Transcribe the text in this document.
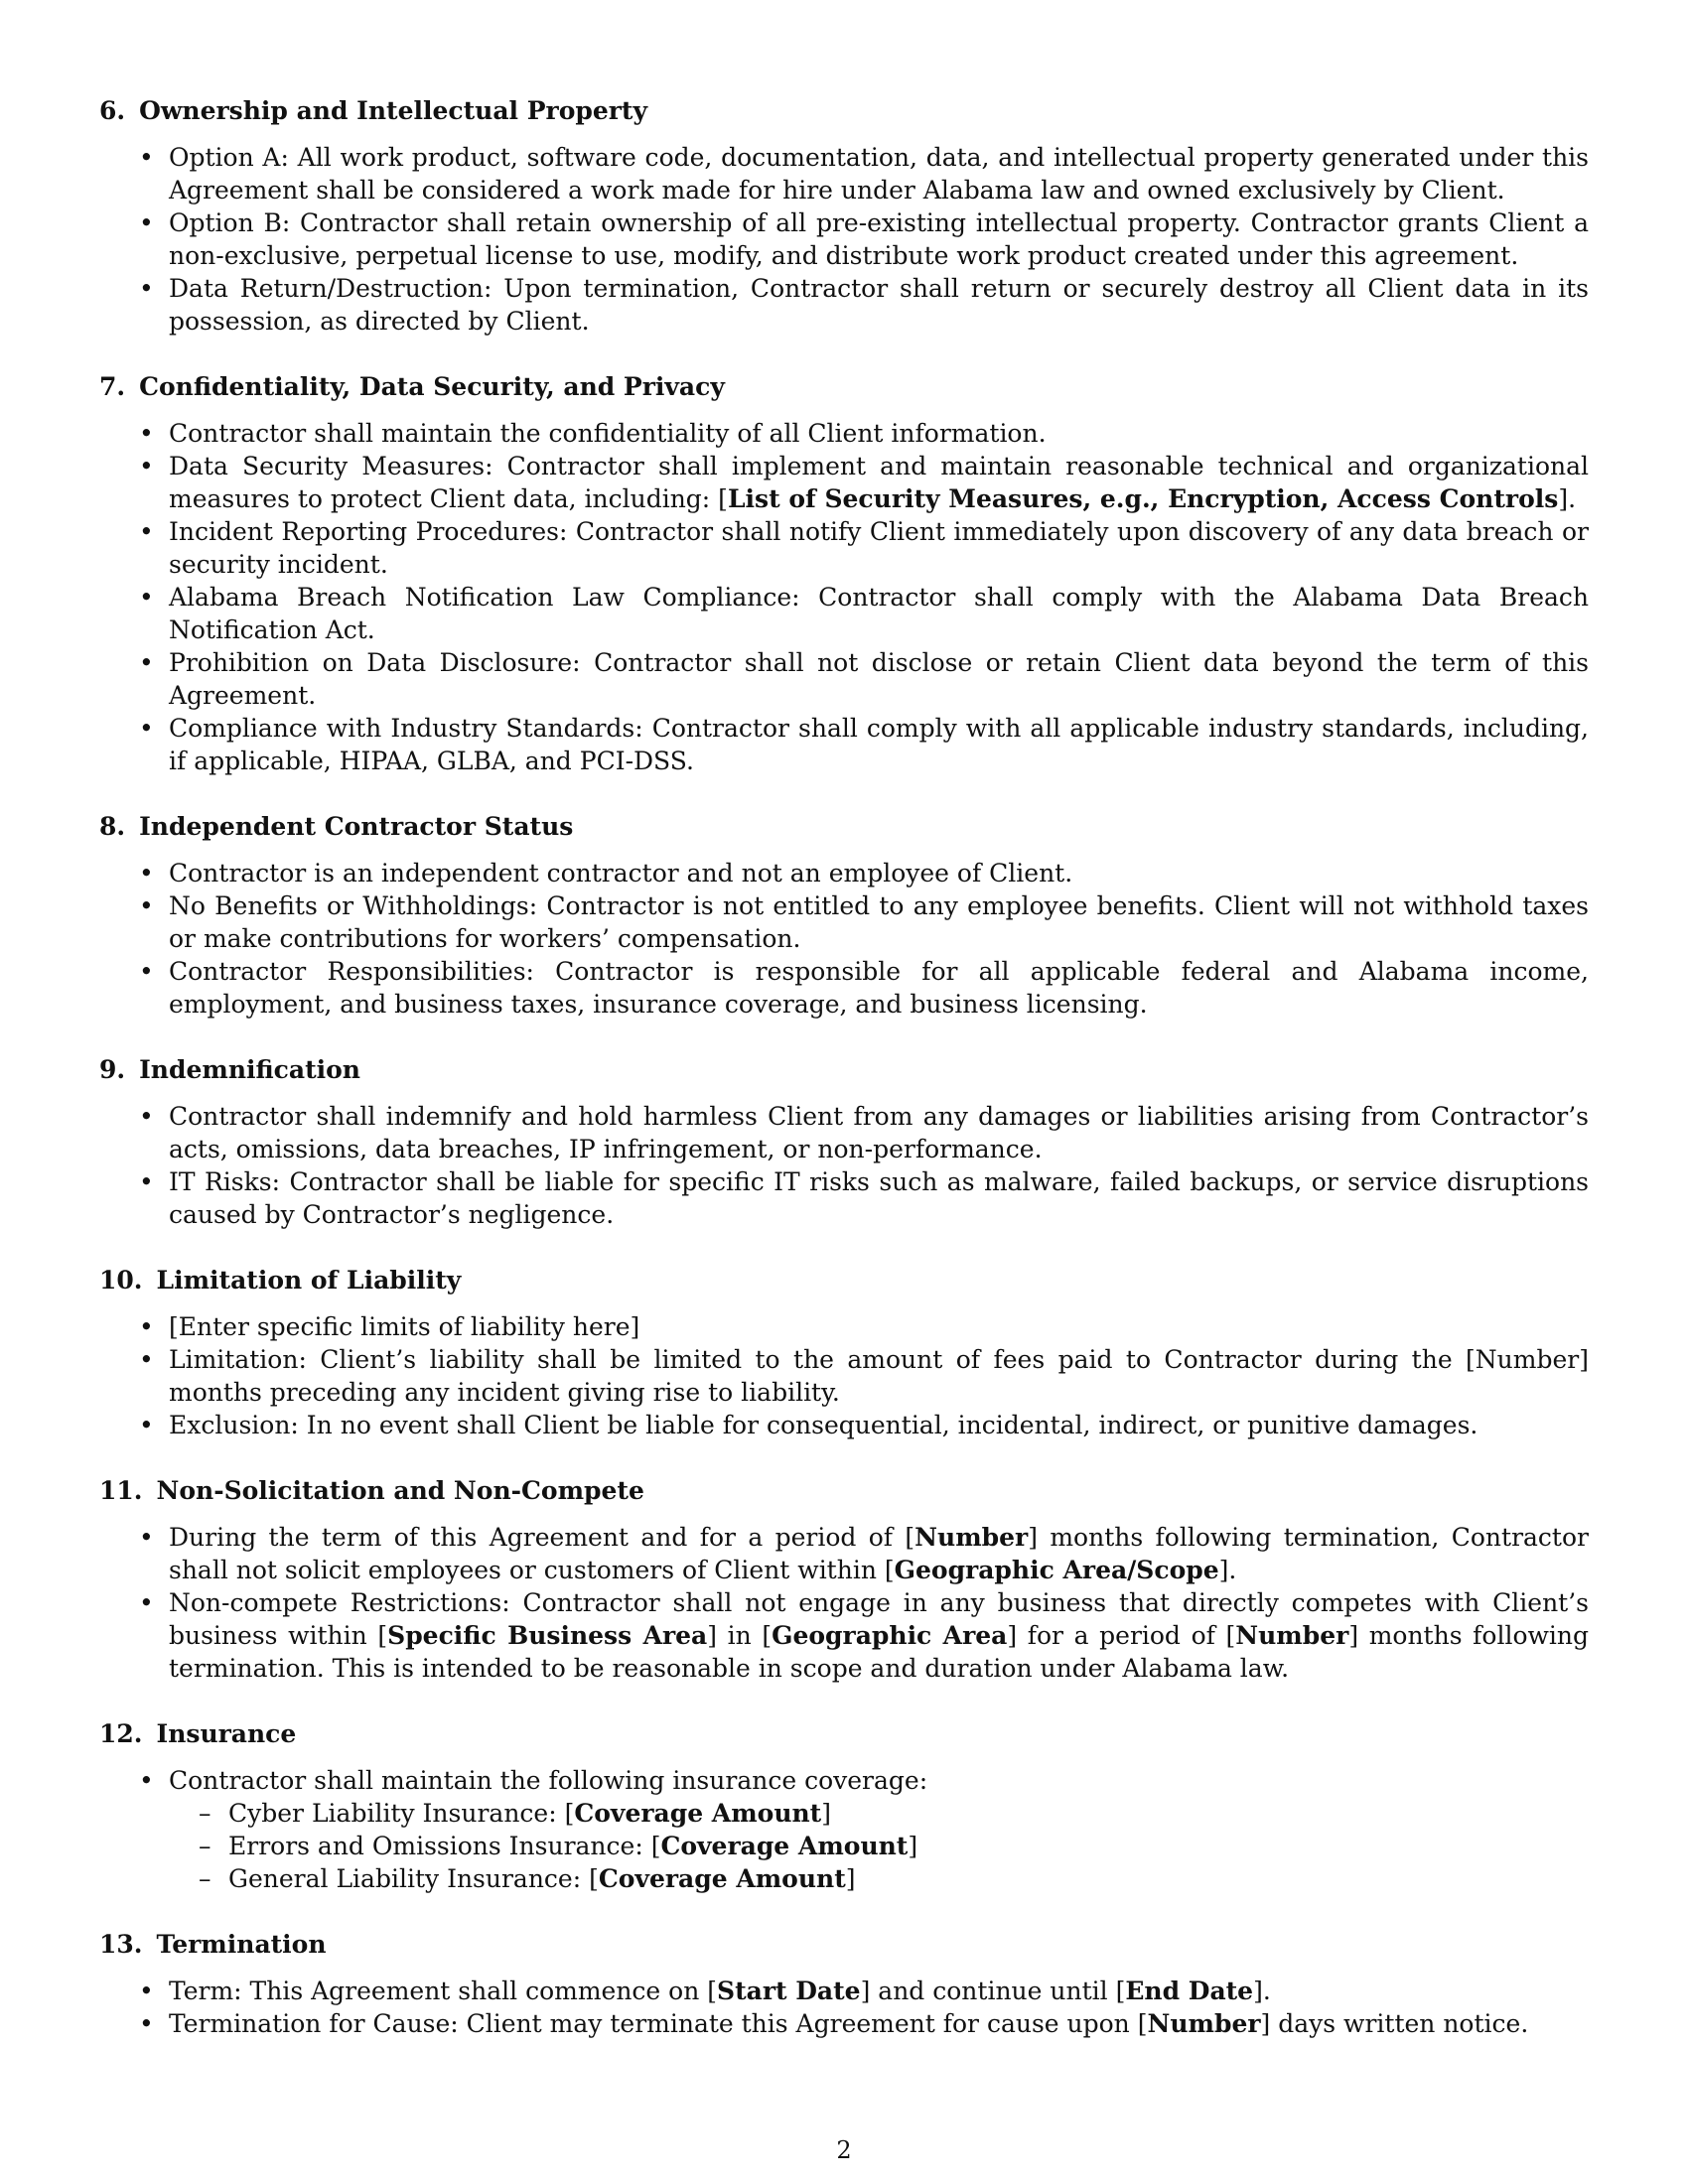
6. Ownership and Intellectual Property
• Option A: All work product, software code, documentation, data, and intellectual property generated under this Agreement shall be considered a work made for hire under Alabama law and owned exclusively by Client.
• Option B: Contractor shall retain ownership of all pre-existing intellectual property. Contractor grants Client a non-exclusive, perpetual license to use, modify, and distribute work product created under this agreement.
• Data Return/Destruction: Upon termination, Contractor shall return or securely destroy all Client data in its possession, as directed by Client.
7. Confidentiality, Data Security, and Privacy
• Contractor shall maintain the confidentiality of all Client information.
• Data Security Measures: Contractor shall implement and maintain reasonable technical and organizational measures to protect Client data, including: [List of Security Measures, e.g., Encryption, Access Controls].
• Incident Reporting Procedures: Contractor shall notify Client immediately upon discovery of any data breach or security incident.
• Alabama Breach Notification Law Compliance: Contractor shall comply with the Alabama Data Breach Notification Act.
• Prohibition on Data Disclosure: Contractor shall not disclose or retain Client data beyond the term of this Agreement.
• Compliance with Industry Standards: Contractor shall comply with all applicable industry standards, including, if applicable, HIPAA, GLBA, and PCI-DSS.
8. Independent Contractor Status
• Contractor is an independent contractor and not an employee of Client.
• No Benefits or Withholdings: Contractor is not entitled to any employee benefits. Client will not withhold taxes or make contributions for workers’ compensation.
• Contractor Responsibilities: Contractor is responsible for all applicable federal and Alabama income, employment, and business taxes, insurance coverage, and business licensing.
9. Indemnification
• Contractor shall indemnify and hold harmless Client from any damages or liabilities arising from Contractor’s acts, omissions, data breaches, IP infringement, or non-performance.
• IT Risks: Contractor shall be liable for specific IT risks such as malware, failed backups, or service disruptions caused by Contractor’s negligence.
10. Limitation of Liability
• [Enter specific limits of liability here]
• Limitation: Client’s liability shall be limited to the amount of fees paid to Contractor during the [Number] months preceding any incident giving rise to liability.
• Exclusion: In no event shall Client be liable for consequential, incidental, indirect, or punitive damages.
11. Non-Solicitation and Non-Compete
• During the term of this Agreement and for a period of [Number] months following termination, Contractor shall not solicit employees or customers of Client within [Geographic Area/Scope].
• Non-compete Restrictions: Contractor shall not engage in any business that directly competes with Client’s business within [Specific Business Area] in [Geographic Area] for a period of [Number] months following termination. This is intended to be reasonable in scope and duration under Alabama law.
12. Insurance
• Contractor shall maintain the following insurance coverage:
– Cyber Liability Insurance: [Coverage Amount]
– Errors and Omissions Insurance: [Coverage Amount]
– General Liability Insurance: [Coverage Amount]
13. Termination
• Term: This Agreement shall commence on [Start Date] and continue until [End Date].
• Termination for Cause: Client may terminate this Agreement for cause upon [Number] days written notice.
2
